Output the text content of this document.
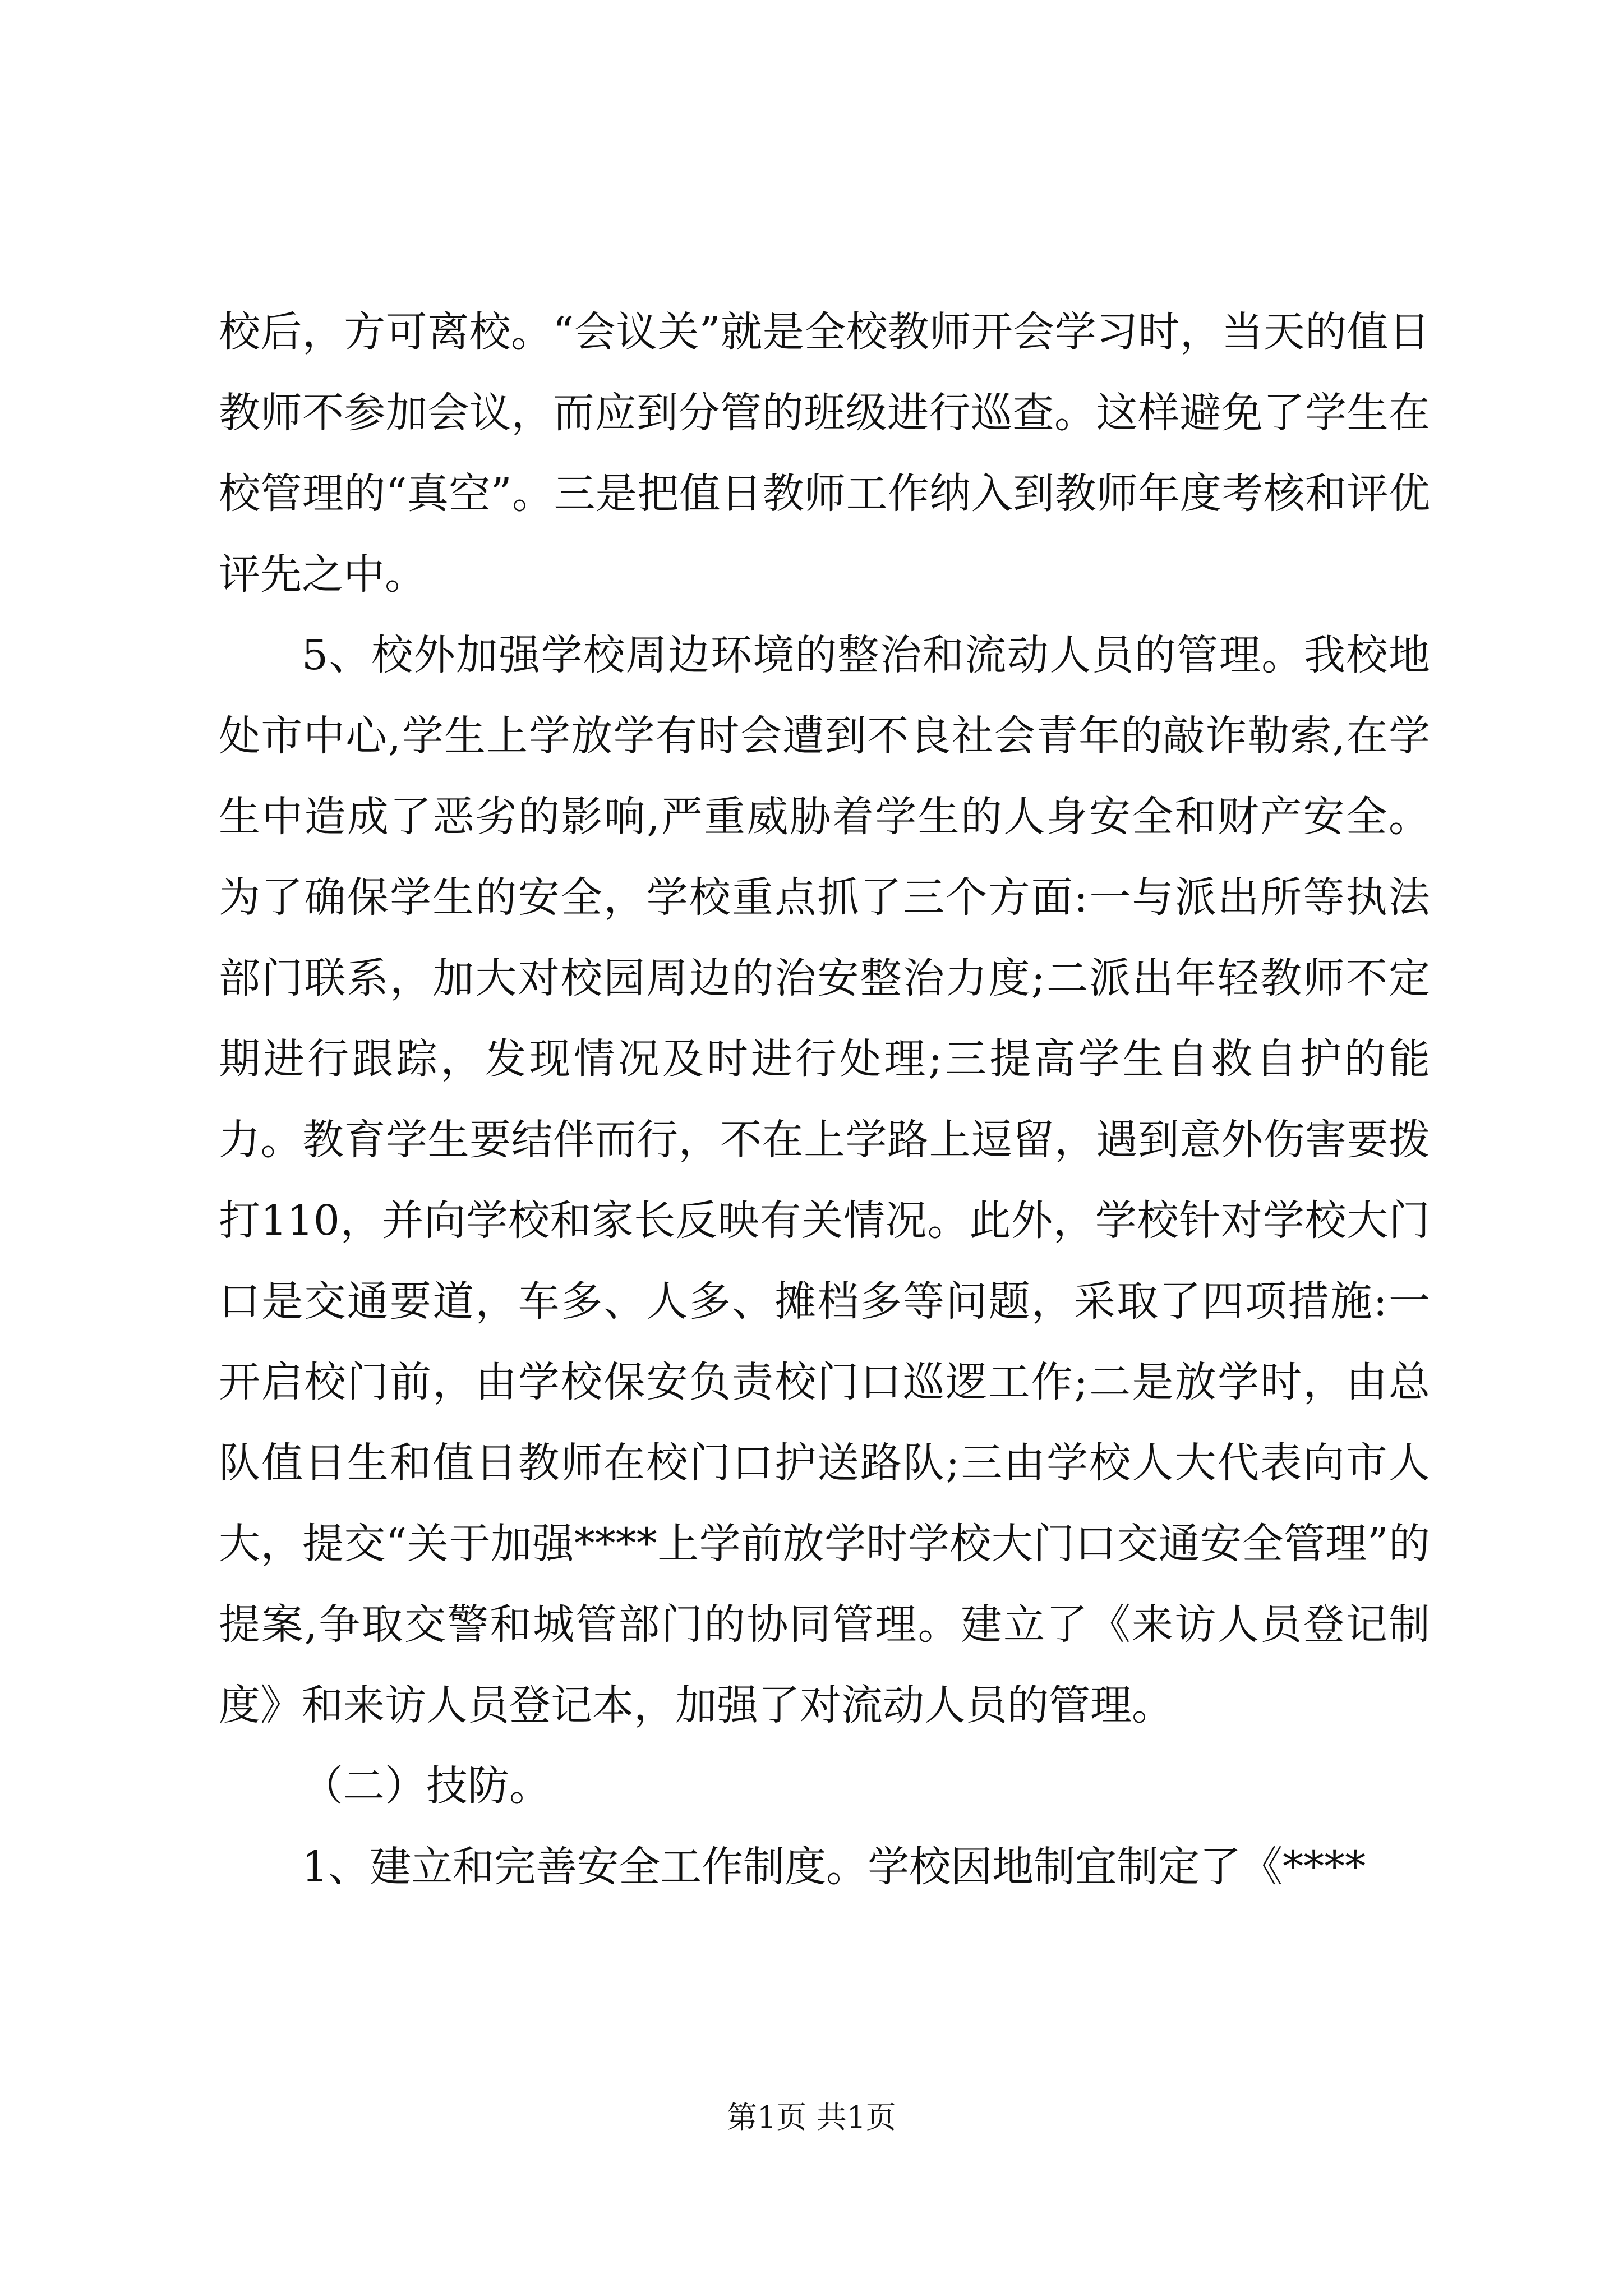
校后，方可离校。“会议关”就是全校教师开会学习时，当天的值日教师不参加会议，而应到分管的班级进行巡查。这样避免了学生在校管理的“真空”。三是把值日教师工作纳入到教师年度考核和评优评先之中。

5、校外加强学校周边环境的整治和流动人员的管理。我校地处市中心,学生上学放学有时会遭到不良社会青年的敲诈勒索,在学生中造成了恶劣的影响,严重威胁着学生的人身安全和财产安全。为了确保学生的安全，学校重点抓了三个方面:一与派出所等执法部门联系，加大对校园周边的治安整治力度;二派出年轻教师不定期进行跟踪，发现情况及时进行处理;三提高学生自救自护的能力。教育学生要结伴而行，不在上学路上逗留，遇到意外伤害要拨打110，并向学校和家长反映有关情况。此外，学校针对学校大门口是交通要道，车多、人多、摊档多等问题，采取了四项措施:一开启校门前，由学校保安负责校门口巡逻工作;二是放学时，由总队值日生和值日教师在校门口护送路队;三由学校人大代表向市人大，提交“关于加强****上学前放学时学校大门口交通安全管理”的提案,争取交警和城管部门的协同管理。建立了《来访人员登记制度》和来访人员登记本，加强了对流动人员的管理。

（二）技防。

1、建立和完善安全工作制度。学校因地制宜制定了《****

第1页 共1页
